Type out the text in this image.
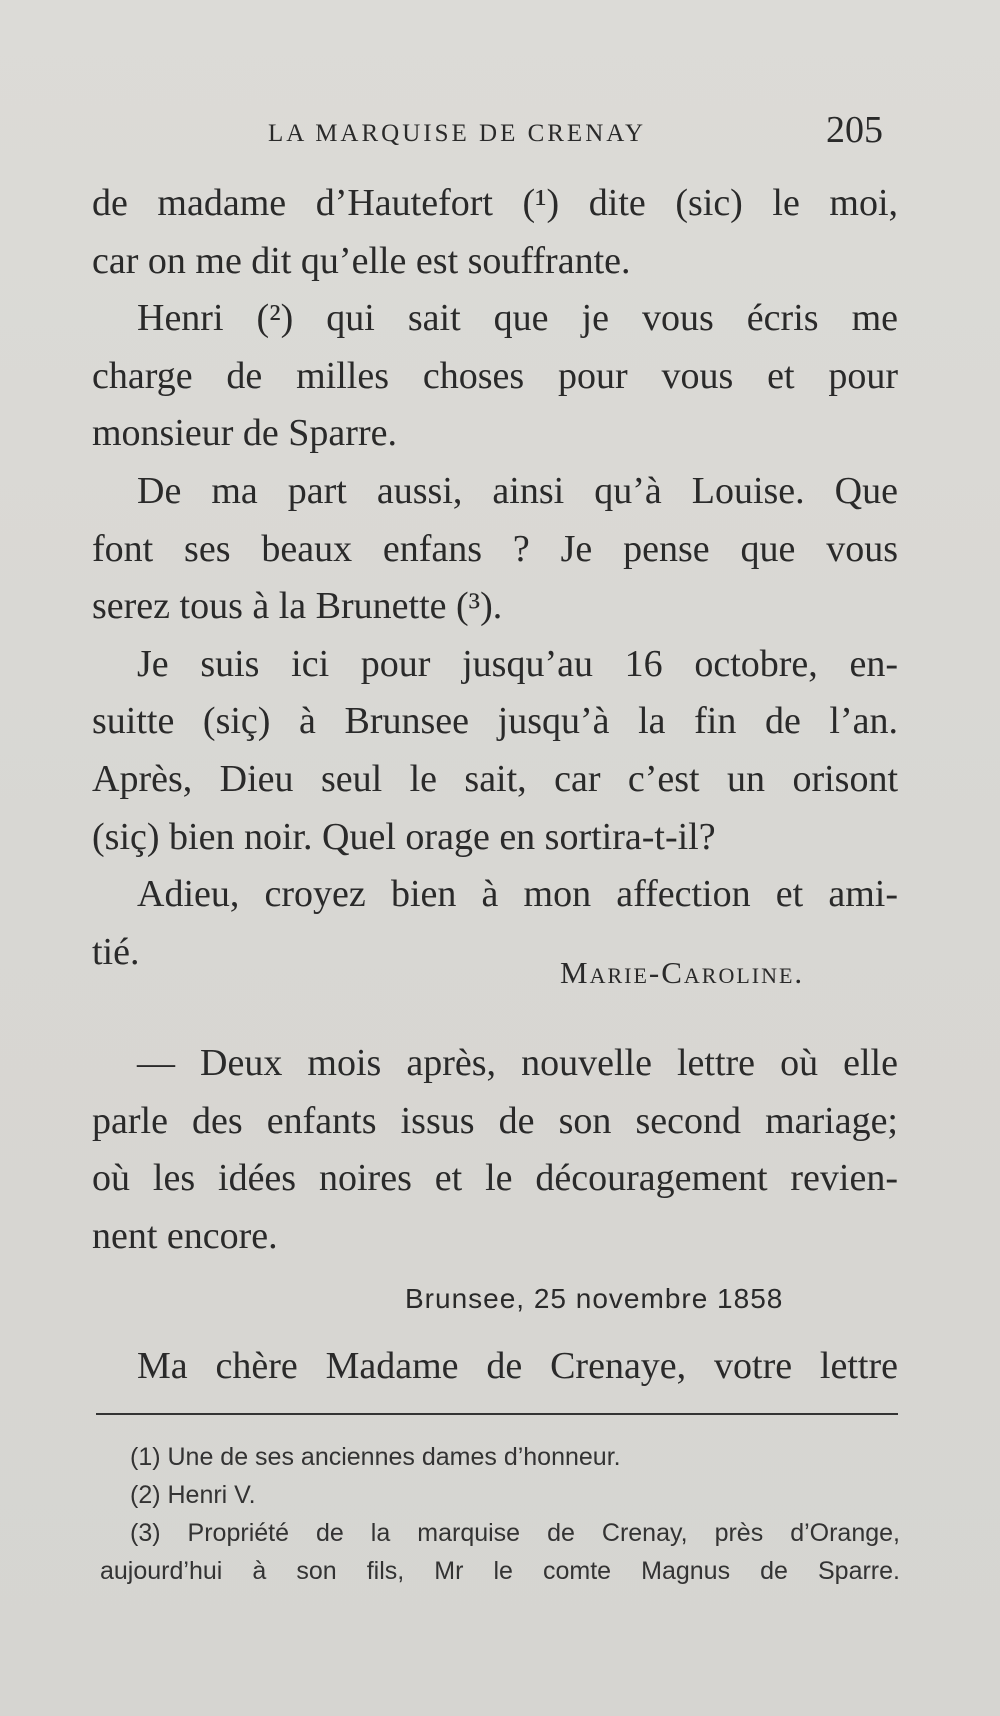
LA MARQUISE DE CRENAY	205
de madame d’Hautefort (¹) dite (sic) le moi,
car on me dit qu’elle est souffrante.
Henri (²) qui sait que je vous écris me
charge de milles choses pour vous et pour
monsieur de Sparre.
De ma part aussi, ainsi qu’à Louise. Que
font ses beaux enfans ? Je pense que vous
serez tous à la Brunette (³).
Je suis ici pour jusqu’au 16 octobre, en-
suitte (siç) à Brunsee jusqu’à la fin de l’an.
Après, Dieu seul le sait, car c’est un orisont
(siç) bien noir. Quel orage en sortira-t-il?
Adieu, croyez bien à mon affection et ami-
tié.	Marie-Caroline.
— Deux mois après, nouvelle lettre où elle
parle des enfants issus de son second mariage;
où les idées noires et le découragement revien-
nent encore.
Brunsee, 25 novembre 1858
Ma chère Madame de Crenaye, votre lettre
(1) Une de ses anciennes dames d’honneur.
(2) Henri V.
(3) Propriété de la marquise de Crenay, près d’Orange,
aujourd’hui à son fils, Mr le comte Magnus de Sparre.
